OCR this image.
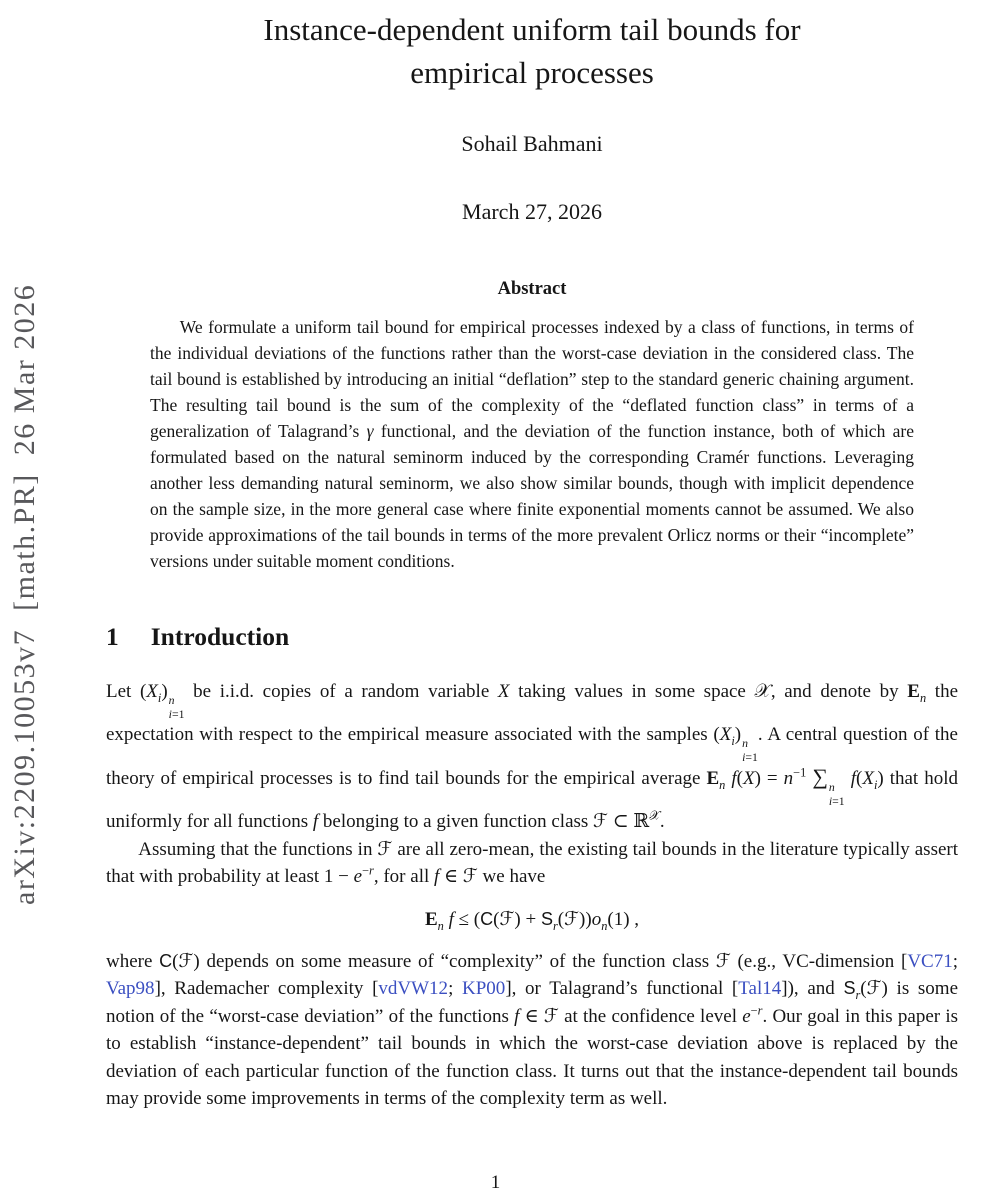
arXiv:2209.10053v7  [math.PR]  26 Mar 2026
Instance-dependent uniform tail bounds for
empirical processes
Sohail Bahmani
March 27, 2026
Abstract

We formulate a uniform tail bound for empirical processes indexed by a class of functions, in terms of the individual deviations of the functions rather than the worst-case deviation in the considered class. The tail bound is established by introducing an initial “deflation” step to the standard generic chaining argument. The resulting tail bound is the sum of the complexity of the “deflated function class” in terms of a generalization of Talagrand’s γ functional, and the deviation of the function instance, both of which are formulated based on the natural seminorm induced by the corresponding Cramér functions. Leveraging another less demanding natural seminorm, we also show similar bounds, though with implicit dependence on the sample size, in the more general case where finite exponential moments cannot be assumed. We also provide approximations of the tail bounds in terms of the more prevalent Orlicz norms or their “incomplete” versions under suitable moment conditions.

1 Introduction

Let $(X_i)$ n
i=1
be i.i.d. copies of a random variable X taking values in some space 𝒳, and denote by $E_n$ the expectation with respect to the empirical measure associated with the samples $(X_i)$ n
i=1
. A central question of the theory of empirical processes is to find tail bounds for the empirical average $E_n$ $f(X) = n^{-1}$ ∑ n
i=1
$f(X_i)$ that hold uniformly for all functions f belonging to a given function class ℱ ⊂ ℝ$^𝒳$.

Assuming that the functions in ℱ are all zero-mean, the existing tail bounds in the literature typically assert that with probability at least $1 - e^{-r}$, for all f ∈ ℱ we have

$E_n$ f ≤ (C(ℱ) + $S_r(ℱ))o_n(1)$ ,

where C(ℱ) depends on some measure of “complexity” of the function class ℱ (e.g., VC-dimension [VC71; Vap98], Rademacher complexity [vdVW12; KP00], or Talagrand’s functional [Tal14]), and $S_r(ℱ)$ is some notion of the “worst-case deviation” of the functions f ∈ ℱ at the confidence level $e^{-r}$. Our goal in this paper is to establish “instance-dependent” tail bounds in which the worst-case deviation above is replaced by the deviation of each particular function of the function class. It turns out that the instance-dependent tail bounds may provide some improvements in terms of the complexity term as well.

1
